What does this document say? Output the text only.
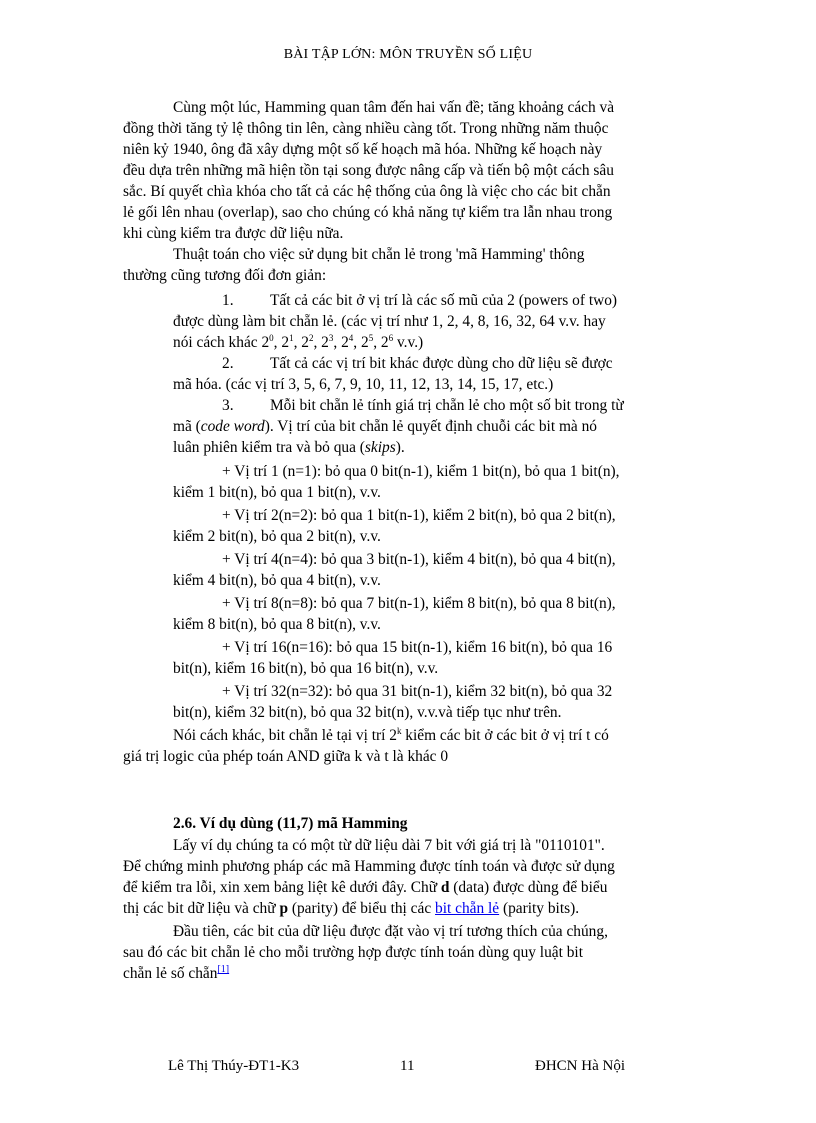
BÀI TẬP LỚN: MÔN TRUYỀN SỐ LIỆU
Cùng một lúc, Hamming quan tâm đến hai vấn đề; tăng khoảng cách và
đồng thời tăng tỷ lệ thông tin lên, càng nhiều càng tốt. Trong những năm thuộc
niên kỷ 1940, ông đã xây dựng một số kế hoạch mã hóa. Những kế hoạch này
đều dựa trên những mã hiện tồn tại song được nâng cấp và tiến bộ một cách sâu
sắc. Bí quyết chìa khóa cho tất cả các hệ thống của ông là việc cho các bit chẵn
lẻ gối lên nhau (overlap), sao cho chúng có khả năng tự kiểm tra lẫn nhau trong
khi cùng kiểm tra được dữ liệu nữa.
Thuật toán cho việc sử dụng bit chẵn lẻ trong 'mã Hamming' thông
thường cũng tương đối đơn giản:
1. Tất cả các bit ở vị trí là các số mũ của 2 (powers of two)
được dùng làm bit chẵn lẻ. (các vị trí như 1, 2, 4, 8, 16, 32, 64 v.v. hay
nói cách khác $2^0$, $2^1$, $2^2$, $2^3$, $2^4$, $2^5$, $2^6$ v.v.)
2. Tất cả các vị trí bit khác được dùng cho dữ liệu sẽ được
mã hóa. (các vị trí 3, 5, 6, 7, 9, 10, 11, 12, 13, 14, 15, 17, etc.)
3. Mỗi bit chẵn lẻ tính giá trị chẵn lẻ cho một số bit trong từ
mã (code word). Vị trí của bit chẵn lẻ quyết định chuỗi các bit mà nó
luân phiên kiểm tra và bỏ qua (skips).
+ Vị trí 1 (n=1): bỏ qua 0 bit(n-1), kiểm 1 bit(n), bỏ qua 1 bit(n),
kiểm 1 bit(n), bỏ qua 1 bit(n), v.v.
+ Vị trí 2(n=2): bỏ qua 1 bit(n-1), kiểm 2 bit(n), bỏ qua 2 bit(n),
kiểm 2 bit(n), bỏ qua 2 bit(n), v.v.
+ Vị trí 4(n=4): bỏ qua 3 bit(n-1), kiểm 4 bit(n), bỏ qua 4 bit(n),
kiểm 4 bit(n), bỏ qua 4 bit(n), v.v.
+ Vị trí 8(n=8): bỏ qua 7 bit(n-1), kiểm 8 bit(n), bỏ qua 8 bit(n),
kiểm 8 bit(n), bỏ qua 8 bit(n), v.v.
+ Vị trí 16(n=16): bỏ qua 15 bit(n-1), kiểm 16 bit(n), bỏ qua 16
bit(n), kiểm 16 bit(n), bỏ qua 16 bit(n), v.v.
+ Vị trí 32(n=32): bỏ qua 31 bit(n-1), kiểm 32 bit(n), bỏ qua 32
bit(n), kiểm 32 bit(n), bỏ qua 32 bit(n), v.v.và tiếp tục như trên.
Nói cách khác, bit chẵn lẻ tại vị trí 2$^k$ kiểm các bit ở các bit ở vị trí t có
giá trị logic của phép toán AND giữa k và t là khác 0
2.6. Ví dụ dùng (11,7) mã Hamming
Lấy ví dụ chúng ta có một từ dữ liệu dài 7 bit với giá trị là "0110101".
Để chứng minh phương pháp các mã Hamming được tính toán và được sử dụng
để kiểm tra lỗi, xin xem bảng liệt kê dưới đây. Chữ d (data) được dùng để biểu
thị các bit dữ liệu và chữ p (parity) để biểu thị các bit chẵn lẻ (parity bits).
Đầu tiên, các bit của dữ liệu được đặt vào vị trí tương thích của chúng,
sau đó các bit chẵn lẻ cho mỗi trường hợp được tính toán dùng quy luật bit
chẵn lẻ số chẵn[1]
Lê Thị Thúy-ĐT1-K3	11	ĐHCN Hà Nội
